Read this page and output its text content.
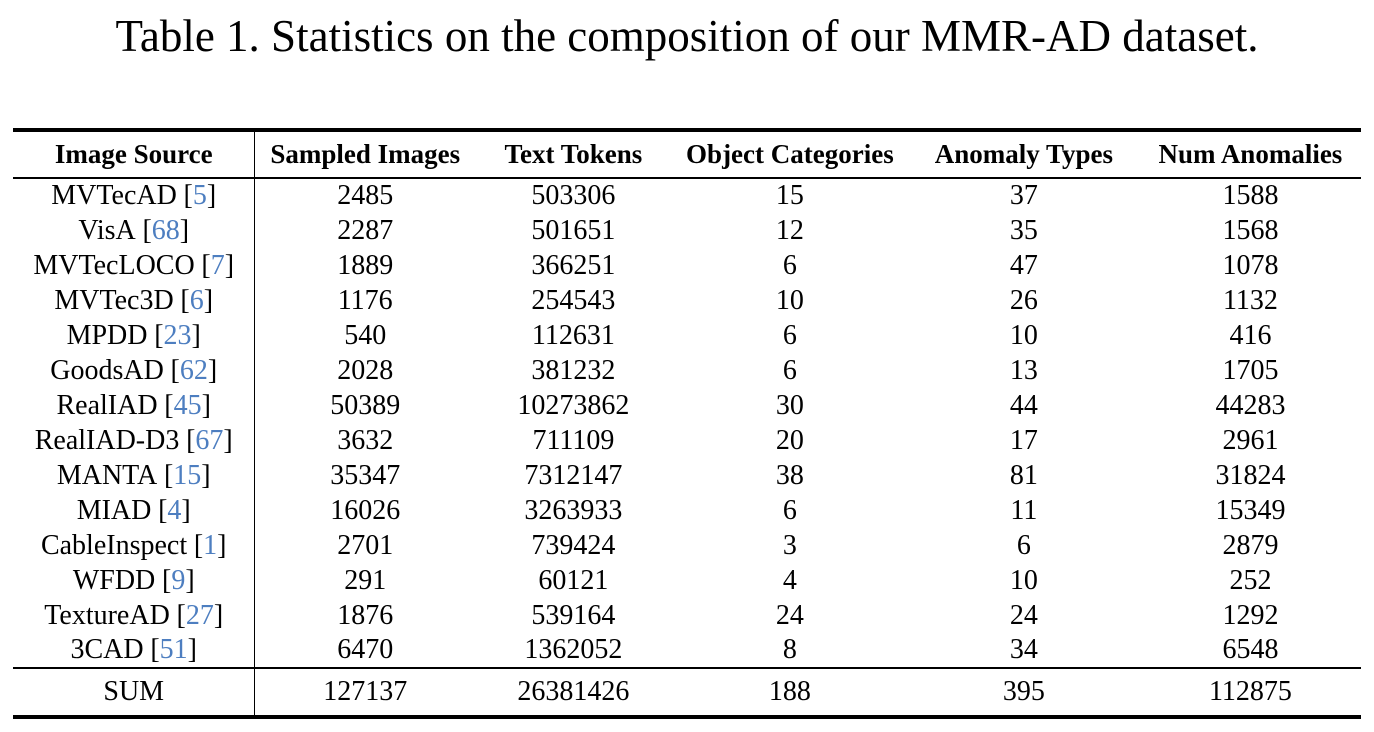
Table 1. Statistics on the composition of our MMR-AD dataset.
Image Source	Sampled Images	Text Tokens	Object Categories	Anomaly Types	Num Anomalies
MVTecAD [5]	2485	503306	15	37	1588
VisA [68]	2287	501651	12	35	1568
MVTecLOCO [7]	1889	366251	6	47	1078
MVTec3D [6]	1176	254543	10	26	1132
MPDD [23]	540	112631	6	10	416
GoodsAD [62]	2028	381232	6	13	1705
RealIAD [45]	50389	10273862	30	44	44283
RealIAD-D3 [67]	3632	711109	20	17	2961
MANTA [15]	35347	7312147	38	81	31824
MIAD [4]	16026	3263933	6	11	15349
CableInspect [1]	2701	739424	3	6	2879
WFDD [9]	291	60121	4	10	252
TextureAD [27]	1876	539164	24	24	1292
3CAD [51]	6470	1362052	8	34	6548
SUM	127137	26381426	188	395	112875
